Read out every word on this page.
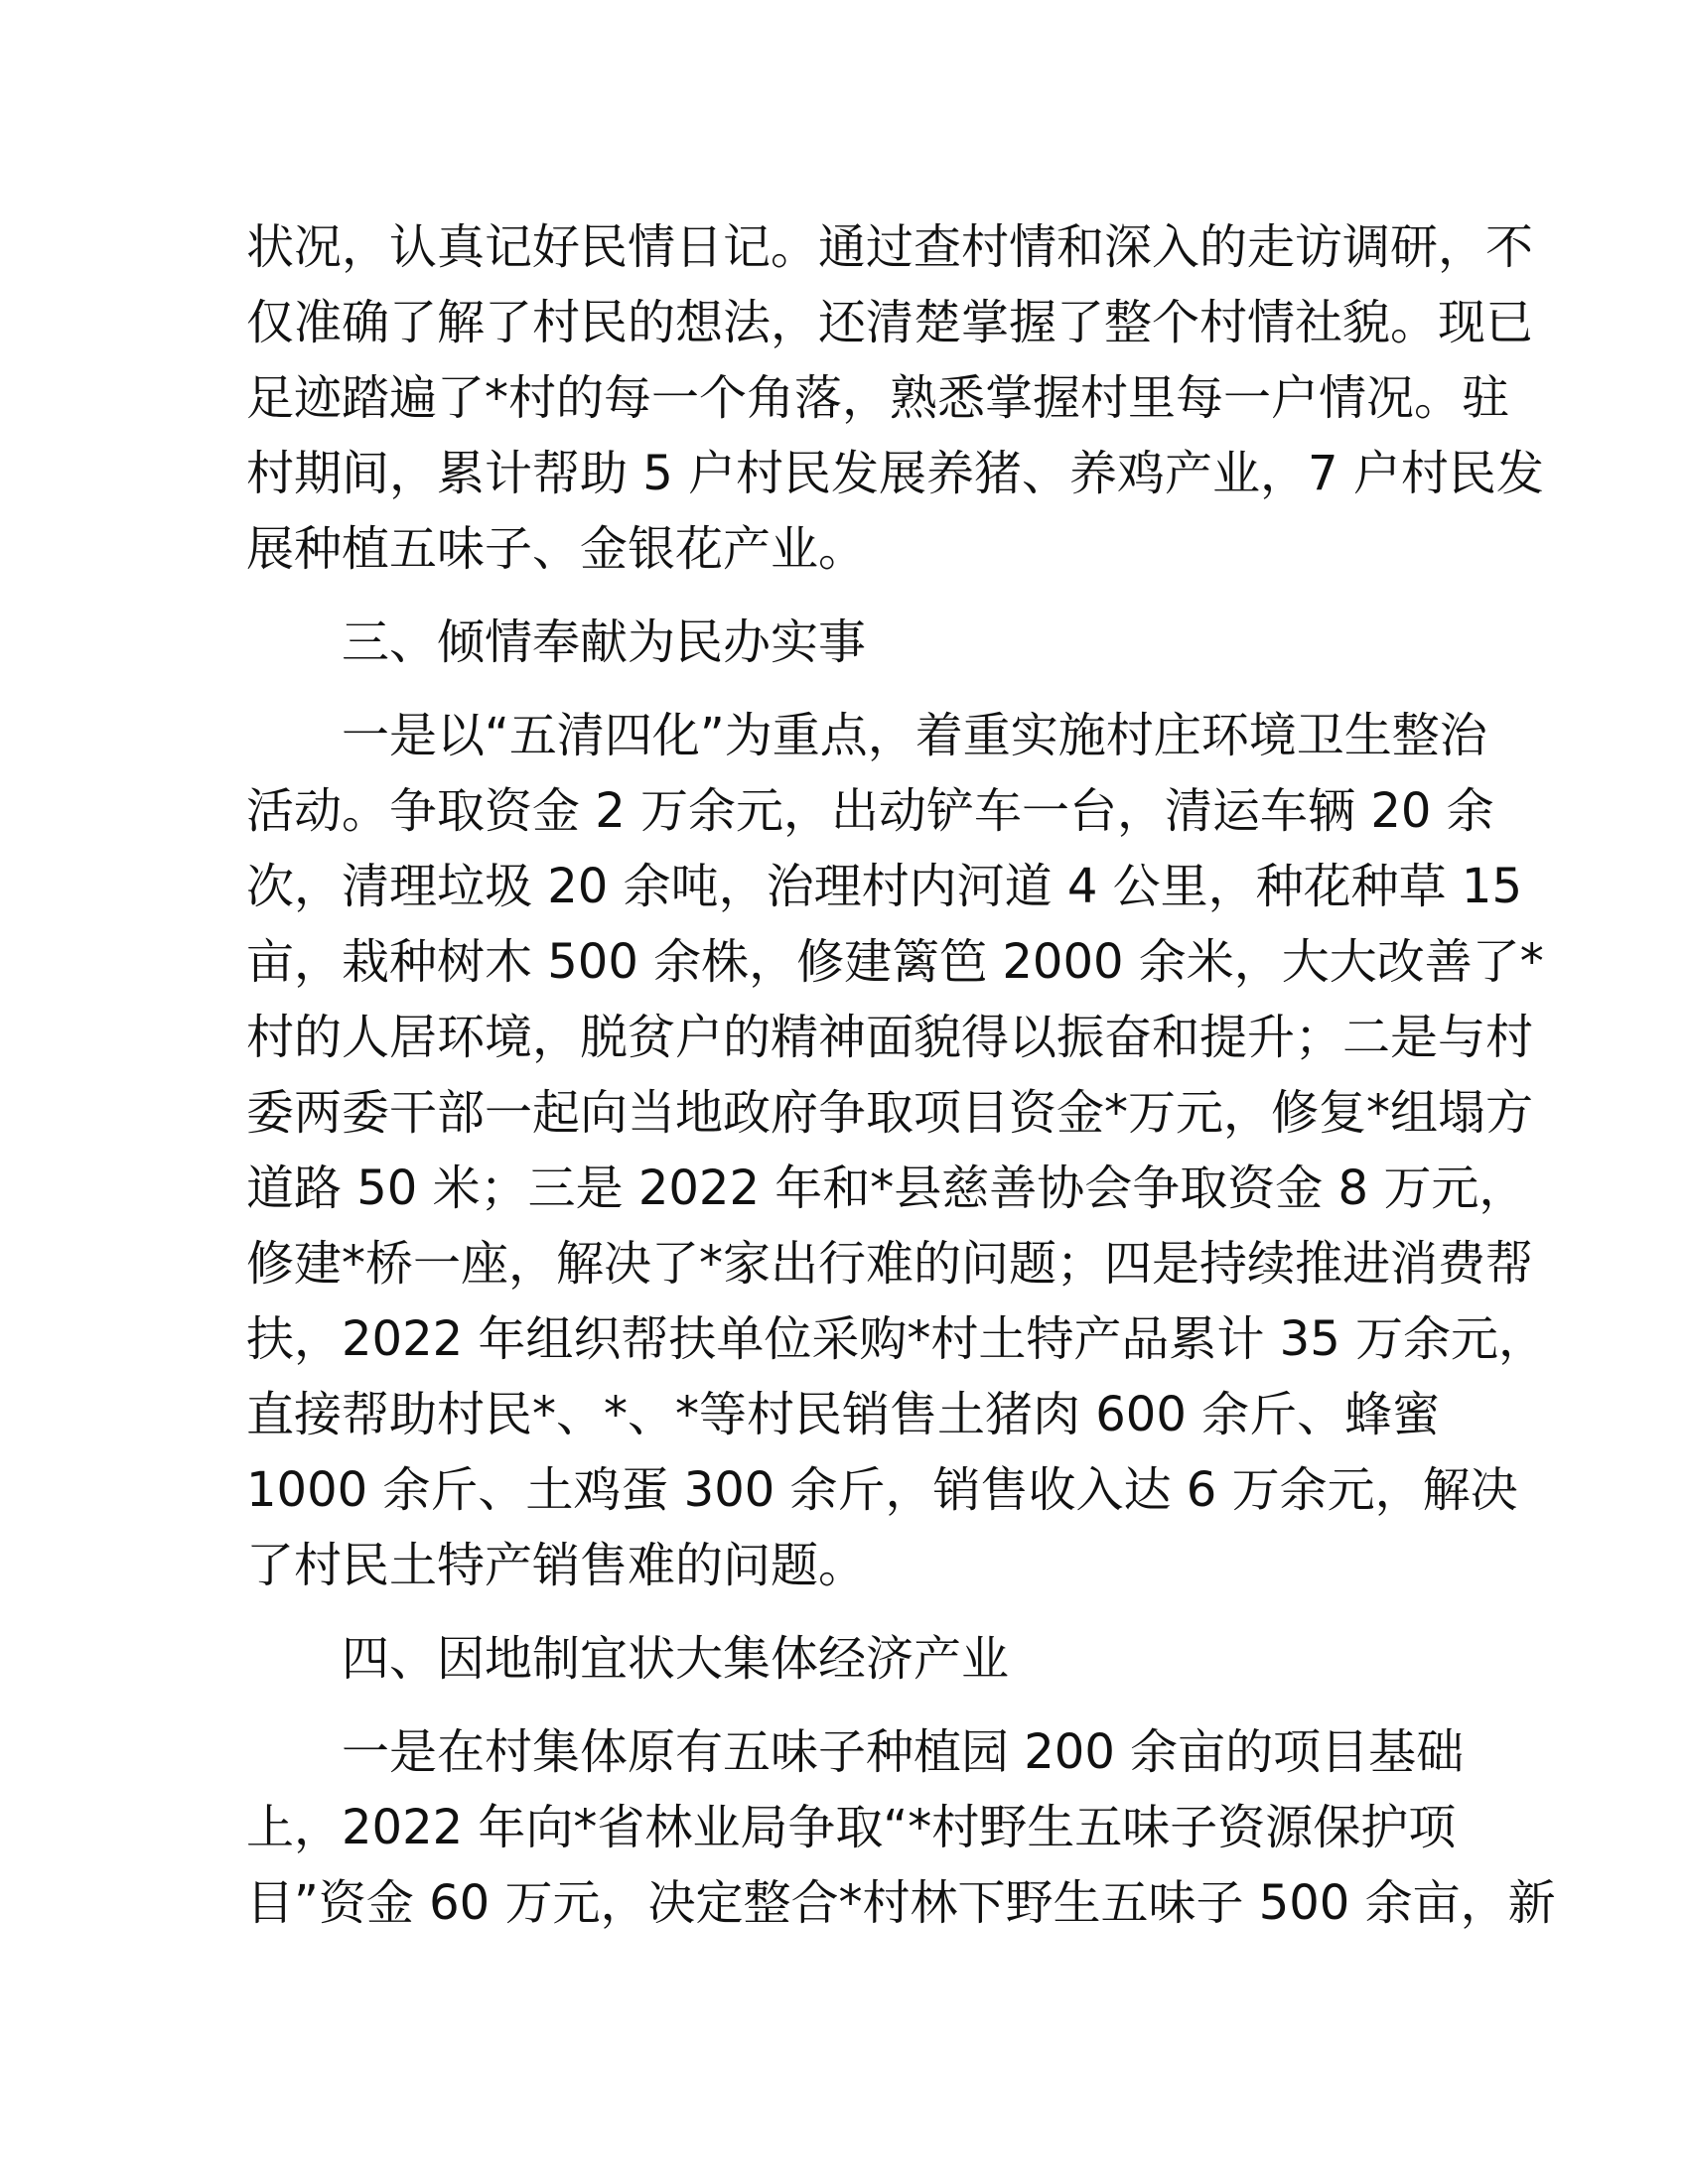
状况，认真记好民情日记。通过查村情和深入的走访调研，不
仅准确了解了村民的想法，还清楚掌握了整个村情社貌。现已
足迹踏遍了*村的每一个角落，熟悉掌握村里每一户情况。驻
村期间，累计帮助 5 户村民发展养猪、养鸡产业，7 户村民发
展种植五味子、金银花产业。
　　三、倾情奉献为民办实事
　　一是以“五清四化”为重点，着重实施村庄环境卫生整治
活动。争取资金 2 万余元，出动铲车一台，清运车辆 20 余
次，清理垃圾 20 余吨，治理村内河道 4 公里，种花种草 15
亩，栽种树木 500 余株，修建篱笆 2000 余米，大大改善了*
村的人居环境，脱贫户的精神面貌得以振奋和提升；二是与村
委两委干部一起向当地政府争取项目资金*万元，修复*组塌方
道路 50 米；三是 2022 年和*县慈善协会争取资金 8 万元，
修建*桥一座，解决了*家出行难的问题；四是持续推进消费帮
扶，2022 年组织帮扶单位采购*村土特产品累计 35 万余元，
直接帮助村民*、*、*等村民销售土猪肉 600 余斤、蜂蜜
1000 余斤、土鸡蛋 300 余斤，销售收入达 6 万余元，解决
了村民土特产销售难的问题。
　　四、因地制宜状大集体经济产业
　　一是在村集体原有五味子种植园 200 余亩的项目基础
上，2022 年向*省林业局争取“*村野生五味子资源保护项
目”资金 60 万元，决定整合*村林下野生五味子 500 余亩，新
